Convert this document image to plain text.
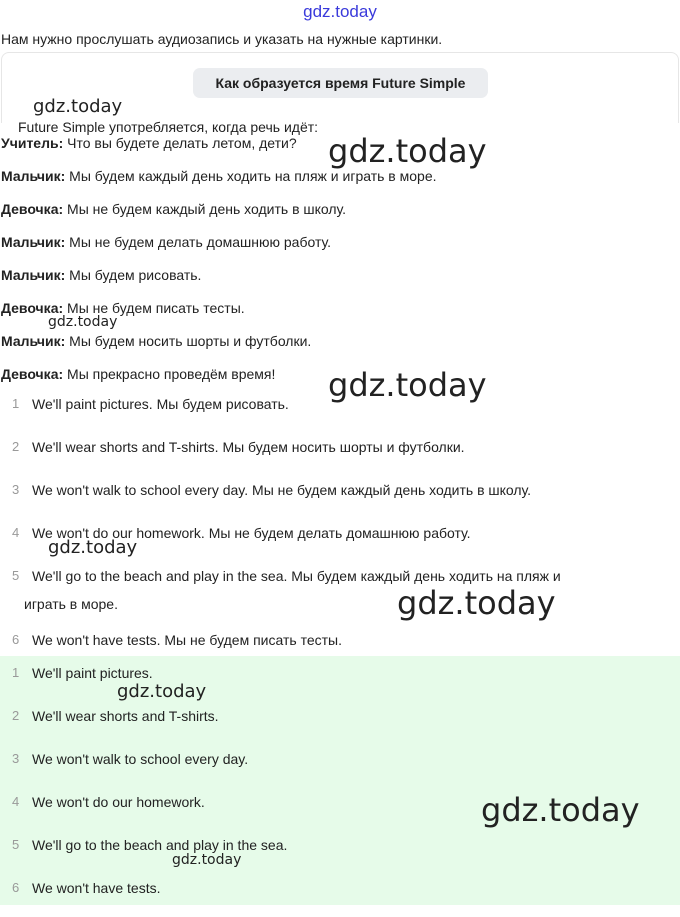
gdz.today
Нам нужно прослушать аудиозапись и указать на нужные картинки.
Как образуется время Future Simple
Future Simple употребляется, когда речь идёт:
Учитель: Что вы будете делать летом, дети?
Мальчик: Мы будем каждый день ходить на пляж и играть в море.
Девочка: Мы не будем каждый день ходить в школу.
Мальчик: Мы не будем делать домашнюю работу.
Мальчик: Мы будем рисовать.
Девочка: Мы не будем писать тесты.
Мальчик: Мы будем носить шорты и футболки.
Девочка: Мы прекрасно проведём время!
1 We'll paint pictures. Мы будем рисовать.
2 We'll wear shorts and T-shirts. Мы будем носить шорты и футболки.
3 We won't walk to school every day. Мы не будем каждый день ходить в школу.
4 We won't do our homework. Мы не будем делать домашнюю работу.
5 We'll go to the beach and play in the sea. Мы будем каждый день ходить на пляж и
играть в море.
6 We won't have tests. Мы не будем писать тесты.
1 We'll paint pictures.
2 We'll wear shorts and T-shirts.
3 We won't walk to school every day.
4 We won't do our homework.
5 We'll go to the beach and play in the sea.
6 We won't have tests.
gdz.today
gdz.today
gdz.today
gdz.today
gdz.today
gdz.today
gdz.today
gdz.today
gdz.today
